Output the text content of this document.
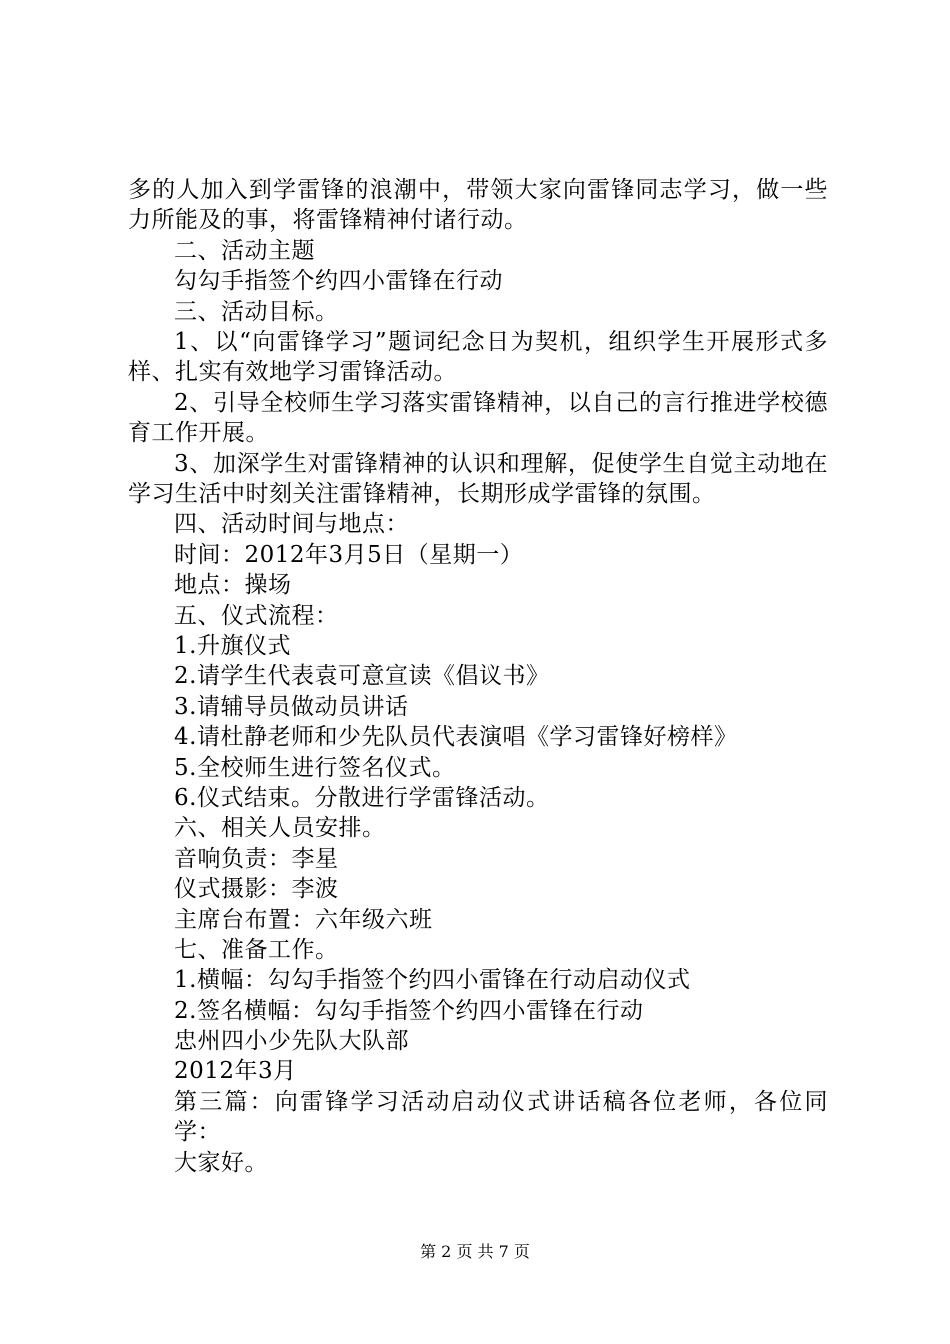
多的人加入到学雷锋的浪潮中，带领大家向雷锋同志学习，做一些力所能及的事，将雷锋精神付诸行动。
二、活动主题
勾勾手指签个约四小雷锋在行动
三、活动目标。
1、以“向雷锋学习”题词纪念日为契机，组织学生开展形式多样、扎实有效地学习雷锋活动。
2、引导全校师生学习落实雷锋精神，以自己的言行推进学校德育工作开展。
3、加深学生对雷锋精神的认识和理解，促使学生自觉主动地在学习生活中时刻关注雷锋精神，长期形成学雷锋的氛围。
四、活动时间与地点：
时间：2012年3月5日（星期一）
地点：操场
五、仪式流程：
1.升旗仪式
2.请学生代表袁可意宣读《倡议书》
3.请辅导员做动员讲话
4.请杜静老师和少先队员代表演唱《学习雷锋好榜样》
5.全校师生进行签名仪式。
6.仪式结束。分散进行学雷锋活动。
六、相关人员安排。
音响负责：李星
仪式摄影：李波
主席台布置：六年级六班
七、准备工作。
1.横幅：勾勾手指签个约四小雷锋在行动启动仪式
2.签名横幅：勾勾手指签个约四小雷锋在行动
忠州四小少先队大队部
2012年3月
第三篇：向雷锋学习活动启动仪式讲话稿各位老师，各位同学：
大家好。
第 2 页 共 7 页
